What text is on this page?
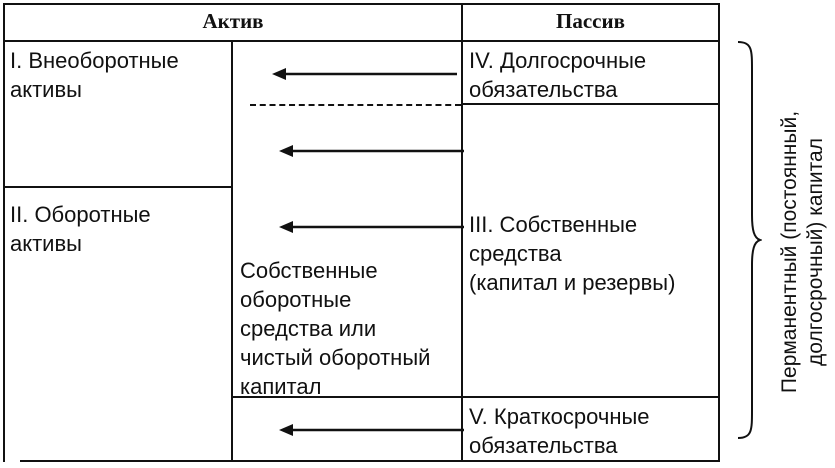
Актив	Пассив
I. Внеоборотные
активы
II. Оборотные
активы
Собственные
оборотные
средства или
чистый оборотный
капитал
IV. Долгосрочные
обязательства
III. Собственные
средства
(капитал и резервы)
V. Краткосрочные
обязательства
Перманентный (постоянный, долгосрочный) капитал
